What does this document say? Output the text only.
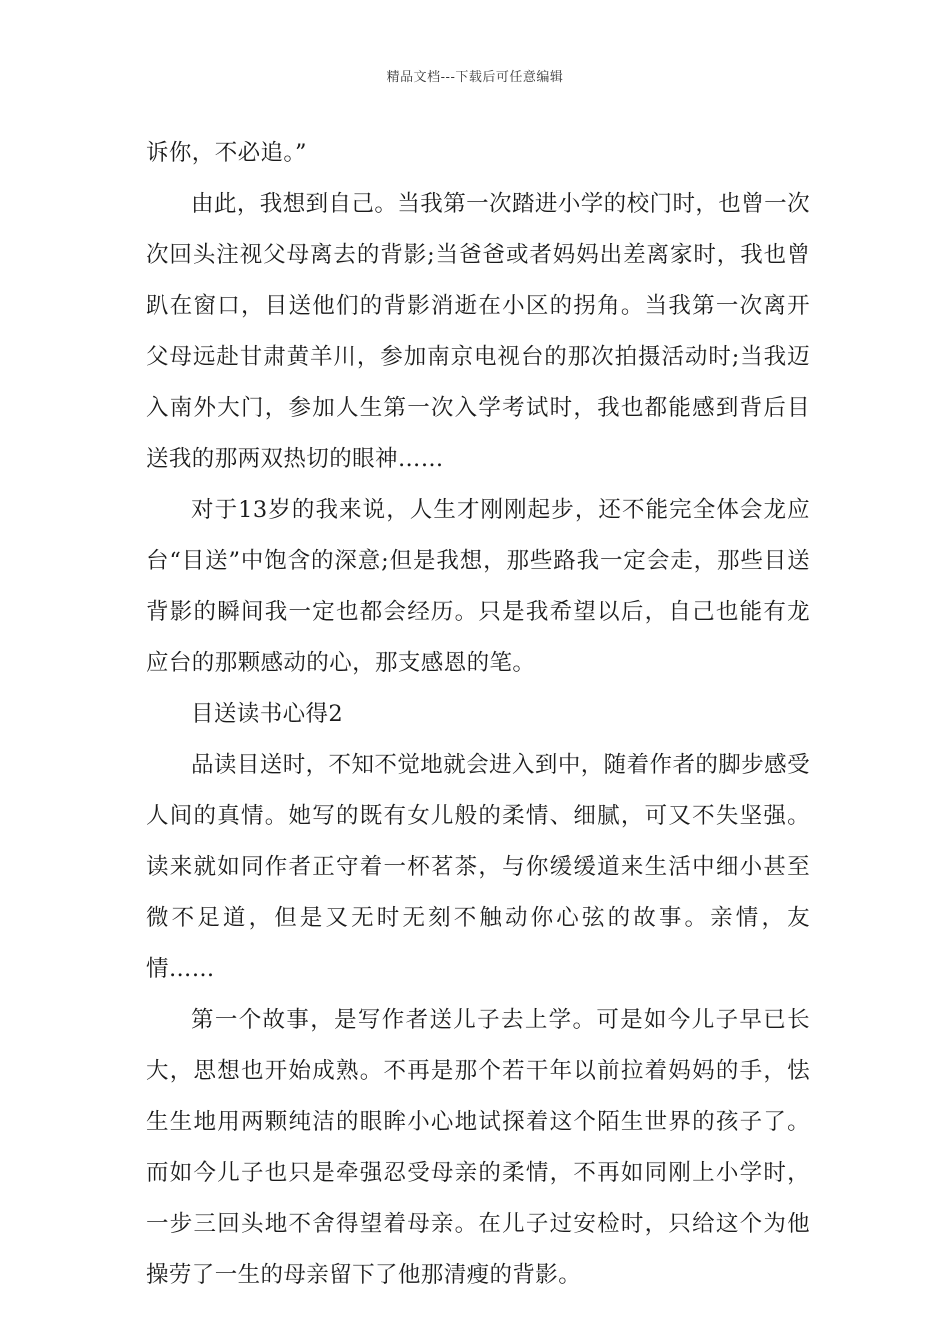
精品文档---下载后可任意编辑

诉你，不必追。”

由此，我想到自己。当我第一次踏进小学的校门时，也曾一次次回头注视父母离去的背影;当爸爸或者妈妈出差离家时，我也曾趴在窗口，目送他们的背影消逝在小区的拐角。当我第一次离开父母远赴甘肃黄羊川，参加南京电视台的那次拍摄活动时;当我迈入南外大门，参加人生第一次入学考试时，我也都能感到背后目送我的那两双热切的眼神……

对于13岁的我来说，人生才刚刚起步，还不能完全体会龙应台“目送”中饱含的深意;但是我想，那些路我一定会走，那些目送背影的瞬间我一定也都会经历。只是我希望以后，自己也能有龙应台的那颗感动的心，那支感恩的笔。

目送读书心得2

品读目送时，不知不觉地就会进入到中，随着作者的脚步感受人间的真情。她写的既有女儿般的柔情、细腻，可又不失坚强。读来就如同作者正守着一杯茗茶，与你缓缓道来生活中细小甚至微不足道，但是又无时无刻不触动你心弦的故事。亲情，友情……

第一个故事，是写作者送儿子去上学。可是如今儿子早已长大，思想也开始成熟。不再是那个若干年以前拉着妈妈的手，怯生生地用两颗纯洁的眼眸小心地试探着这个陌生世界的孩子了。而如今儿子也只是牵强忍受母亲的柔情，不再如同刚上小学时，一步三回头地不舍得望着母亲。在儿子过安检时，只给这个为他操劳了一生的母亲留下了他那清瘦的背影。
